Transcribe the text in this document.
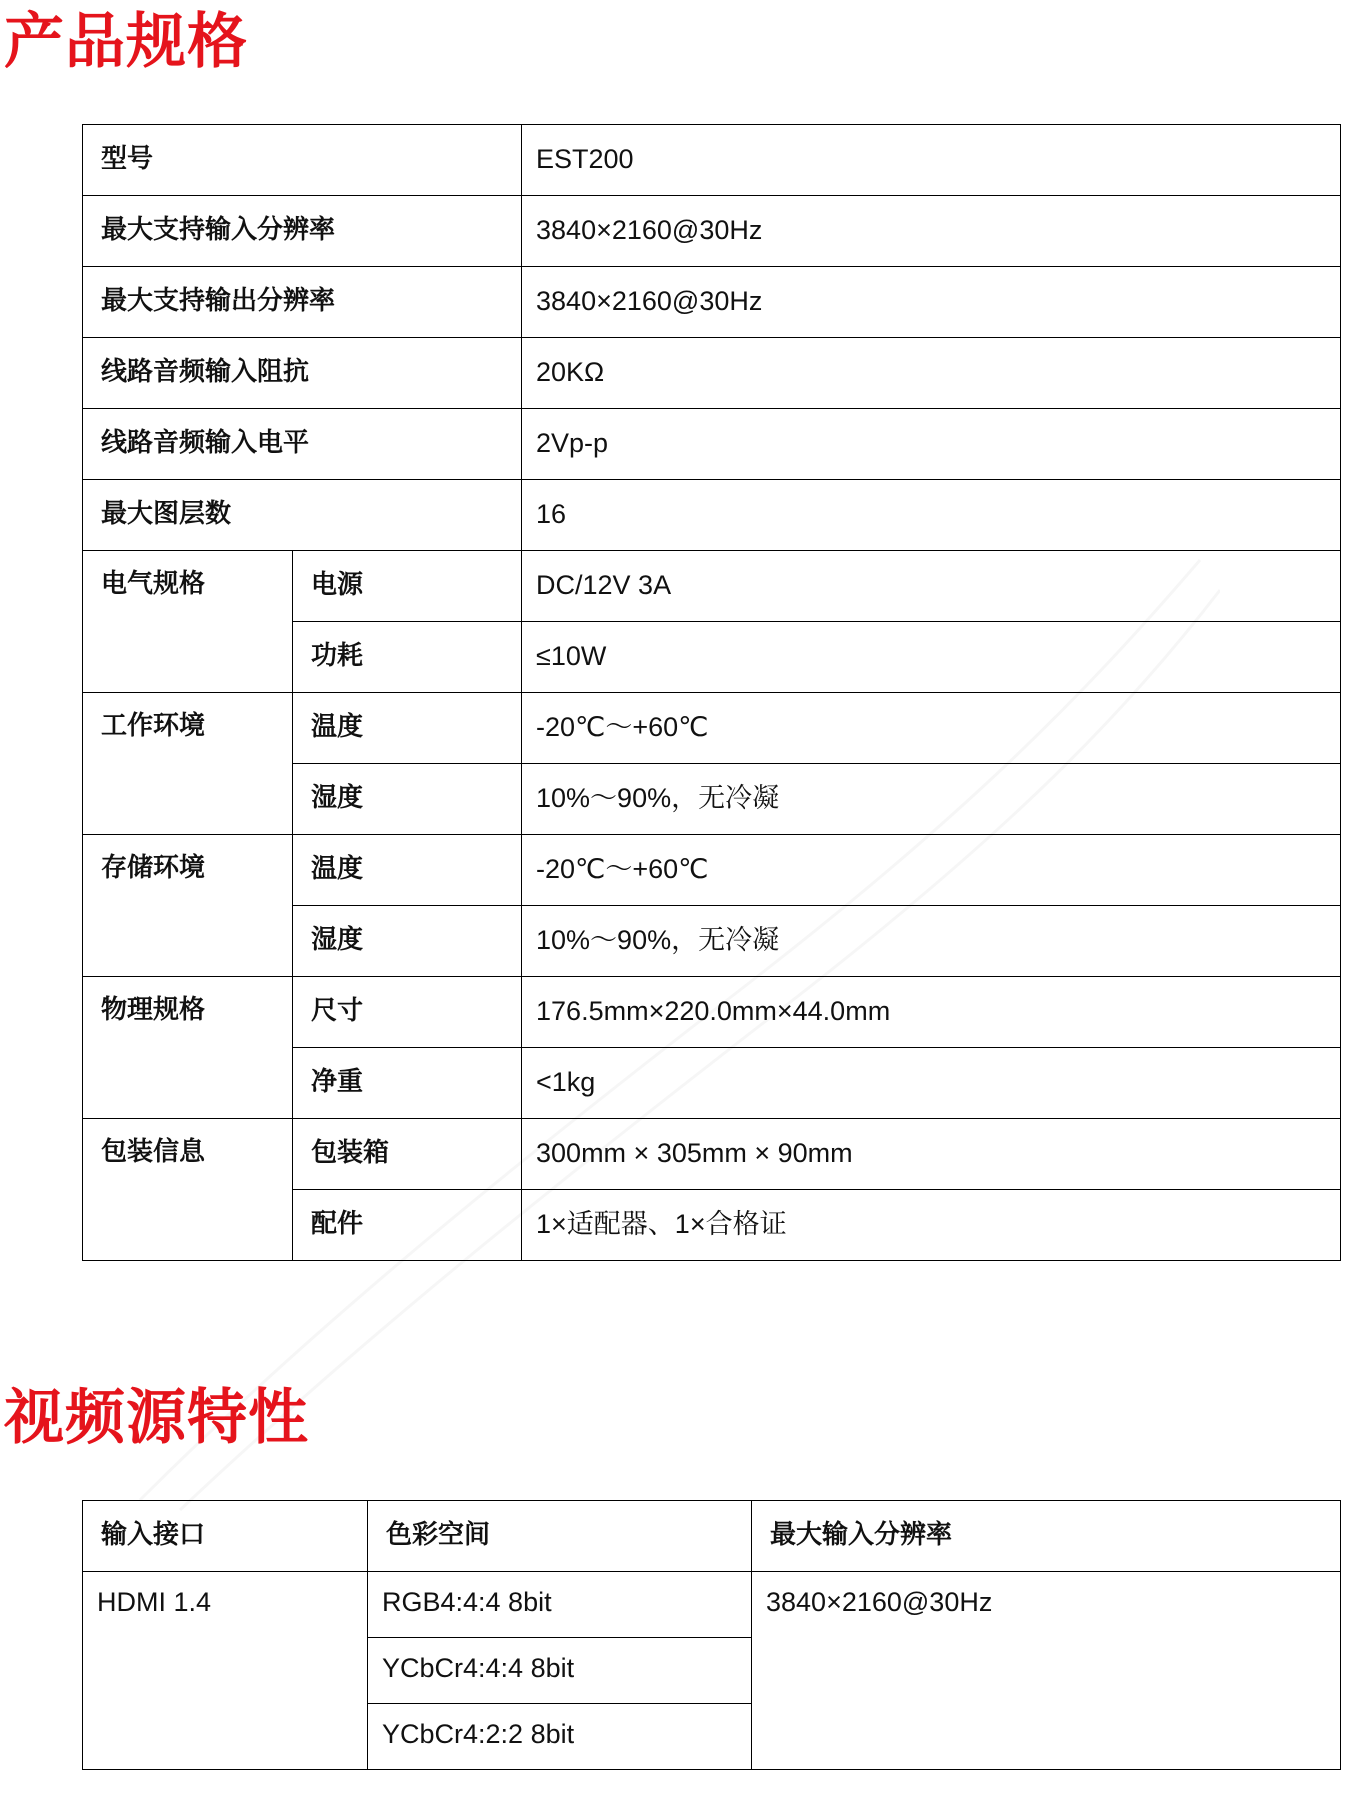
产品规格
型号		EST200
最大支持输入分辨率		3840×2160@30Hz
最大支持输出分辨率		3840×2160@30Hz
线路音频输入阻抗		20KΩ
线路音频输入电平		2Vp-p
最大图层数		16
电气规格	电源	DC/12V 3A
	功耗	≤10W
工作环境	温度	-20℃～+60℃
	湿度	10%～90%，无冷凝
存储环境	温度	-20℃～+60℃
	湿度	10%～90%，无冷凝
物理规格	尺寸	176.5mm×220.0mm×44.0mm
	净重	<1kg
包装信息	包装箱	300mm × 305mm × 90mm
	配件	1×适配器、1×合格证
视频源特性
输入接口	色彩空间	最大输入分辨率
HDMI 1.4	RGB4:4:4 8bit	3840×2160@30Hz
	YCbCr4:4:4 8bit	
	YCbCr4:2:2 8bit	
